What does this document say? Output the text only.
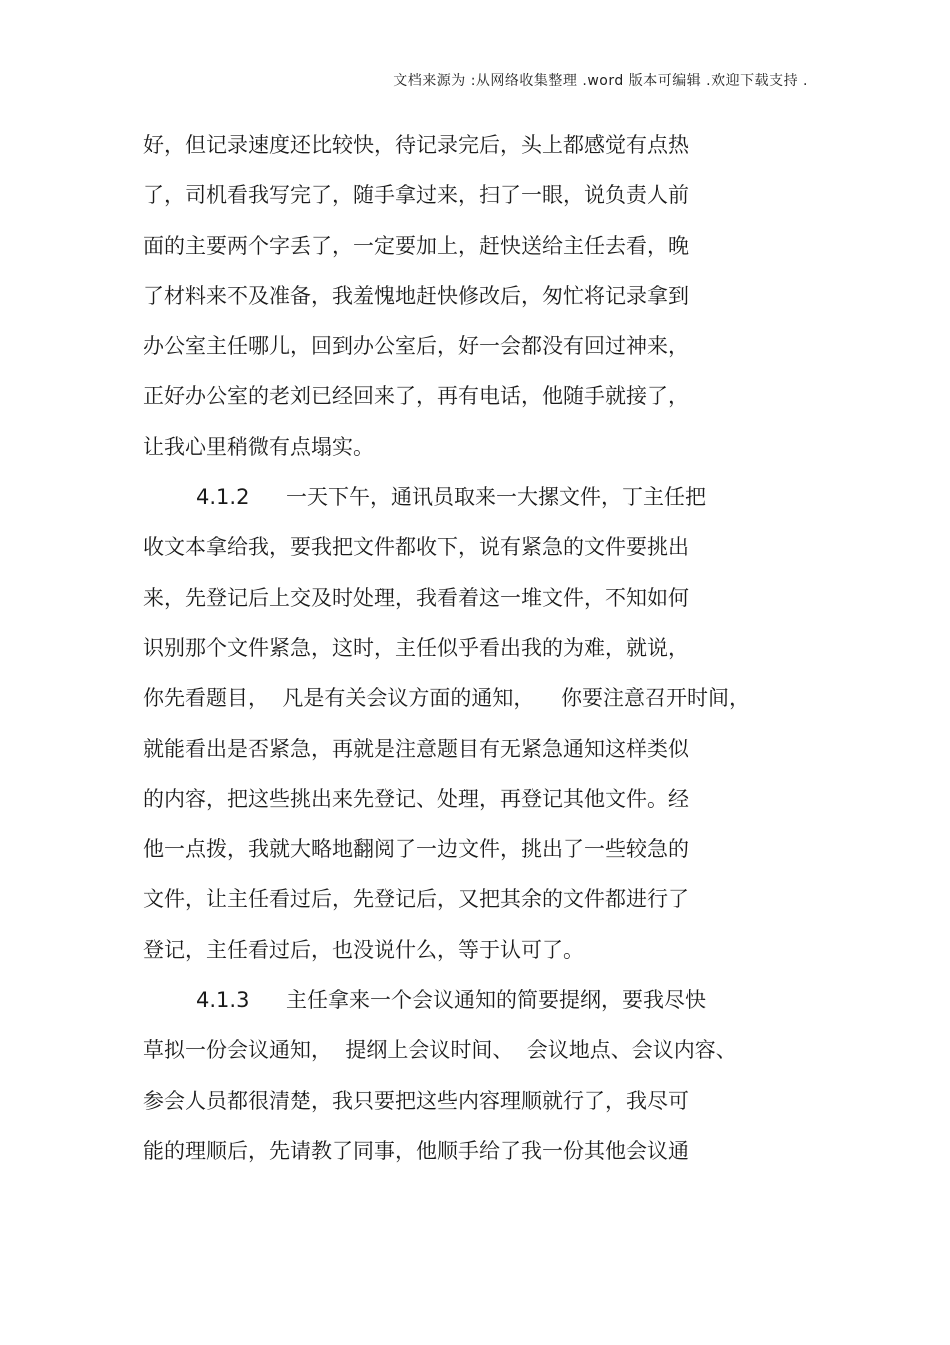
文档来源为 :从网络收集整理 .word 版本可编辑 .欢迎下载支持 .
好，但记录速度还比较快，待记录完后，头上都感觉有点热
了，司机看我写完了，随手拿过来，扫了一眼，说负责人前
面的主要两个字丢了，一定要加上，赶快送给主任去看，晚
了材料来不及准备，我羞愧地赶快修改后，匆忙将记录拿到
办公室主任哪儿，回到办公室后，好一会都没有回过神来，
正好办公室的老刘已经回来了，再有电话，他随手就接了，
让我心里稍微有点塌实。
4.1.2 一天下午，通讯员取来一大摞文件，丁主任把
收文本拿给我，要我把文件都收下，说有紧急的文件要挑出
来，先登记后上交及时处理，我看着这一堆文件，不知如何
识别那个文件紧急，这时，主任似乎看出我的为难，就说，
你先看题目，  凡是有关会议方面的通知，    你要注意召开时间，
就能看出是否紧急，再就是注意题目有无紧急通知这样类似
的内容，把这些挑出来先登记、处理，再登记其他文件。经
他一点拨，我就大略地翻阅了一边文件，挑出了一些较急的
文件，让主任看过后，先登记后，又把其余的文件都进行了
登记，主任看过后，也没说什么，等于认可了。
4.1.3 主任拿来一个会议通知的简要提纲，要我尽快
草拟一份会议通知，  提纲上会议时间、  会议地点、会议内容、
参会人员都很清楚，我只要把这些内容理顺就行了，我尽可
能的理顺后，先请教了同事，他顺手给了我一份其他会议通
